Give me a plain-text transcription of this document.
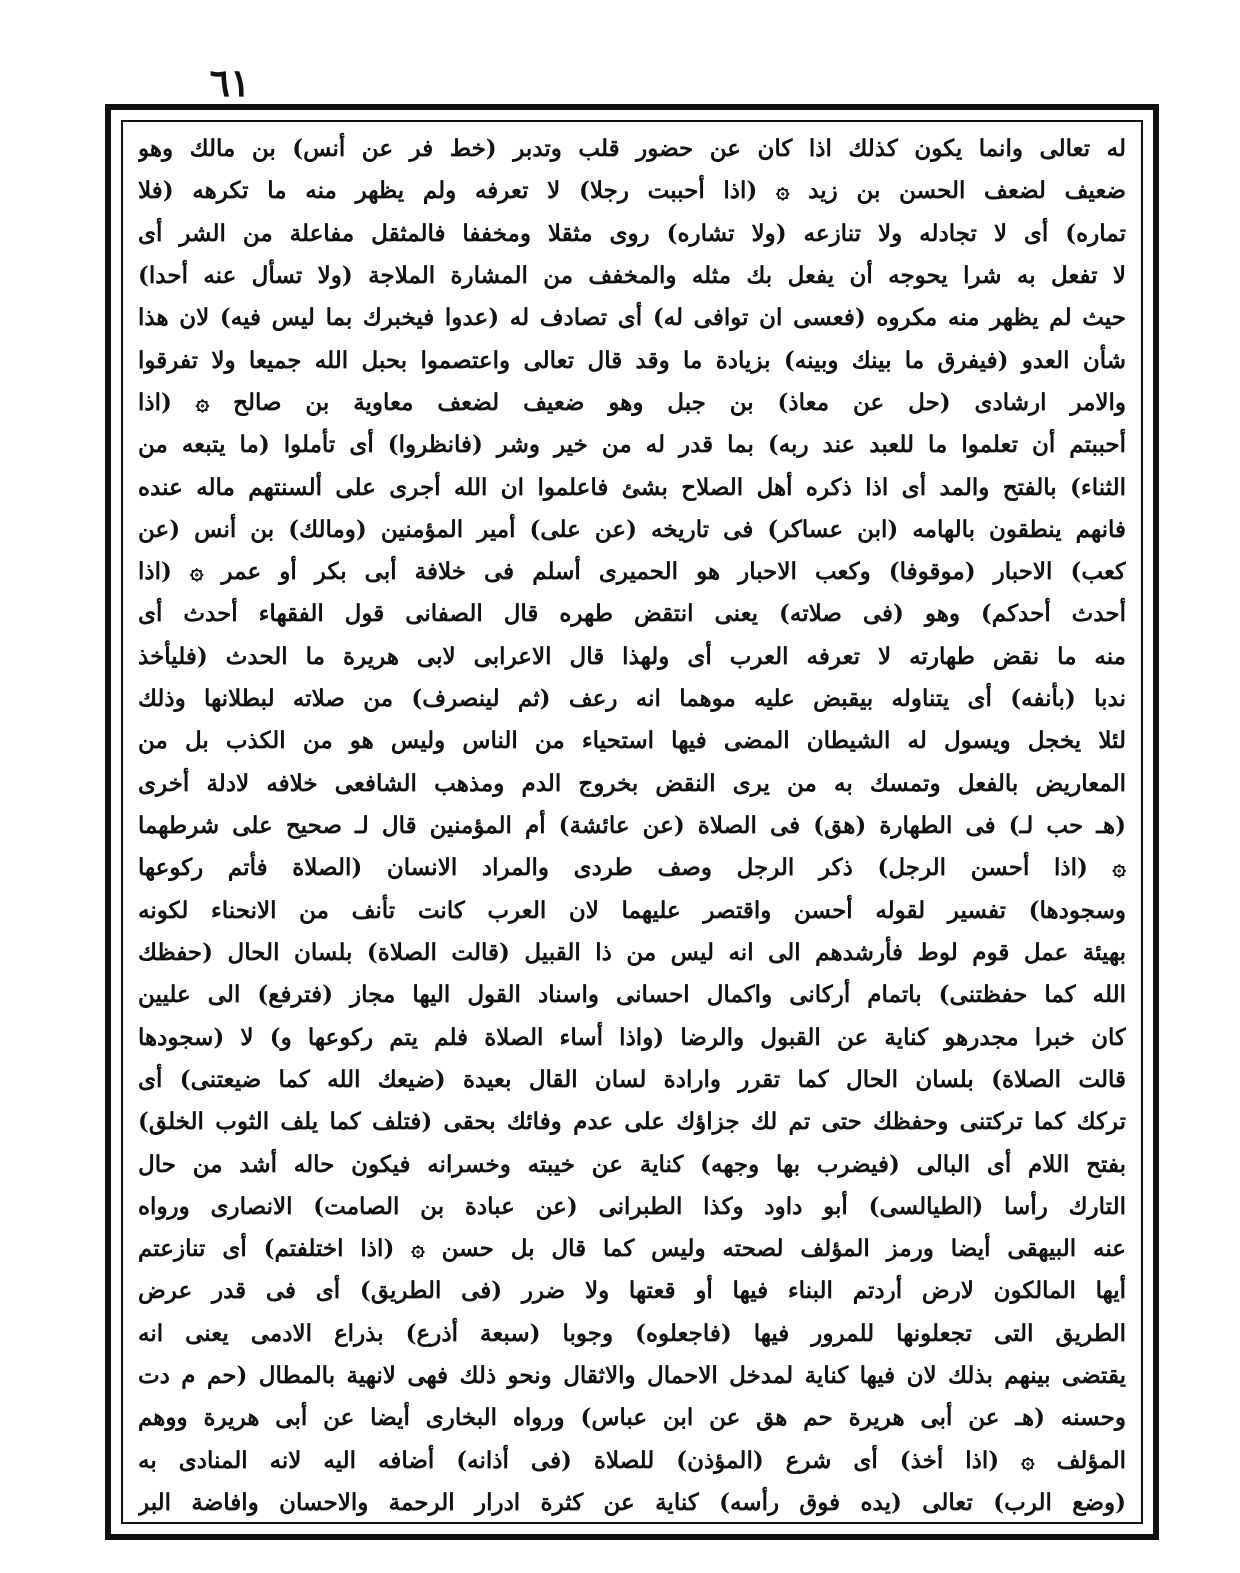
٦١
له تعالى وانما يكون كذلك اذا كان عن حضور قلب وتدبر (خط فر عن أنس) بن مالك وهو
ضعيف لضعف الحسن بن زيد ۞ (اذا أحببت رجلا) لا تعرفه ولم يظهر منه ما تكرهه (فلا
تماره) أى لا تجادله ولا تنازعه (ولا تشاره) روى مثقلا ومخففا فالمثقل مفاعلة من الشر أى
لا تفعل به شرا يحوجه أن يفعل بك مثله والمخفف من المشارة الملاجة (ولا تسأل عنه أحدا)
حيث لم يظهر منه مكروه (فعسى ان توافى له) أى تصادف له (عدوا فيخبرك بما ليس فيه) لان هذا
شأن العدو (فيفرق ما بينك وبينه) بزيادة ما وقد قال تعالى واعتصموا بحبل الله جميعا ولا تفرقوا
والامر ارشادى (حل عن معاذ) بن جبل وهو ضعيف لضعف معاوية بن صالح ۞ (اذا
أحببتم أن تعلموا ما للعبد عند ربه) بما قدر له من خير وشر (فانظروا) أى تأملوا (ما يتبعه من
الثناء) بالفتح والمد أى اذا ذكره أهل الصلاح بشئ فاعلموا ان الله أجرى على ألسنتهم ماله عنده
فانهم ينطقون بالهامه (ابن عساكر) فى تاريخه (عن على) أمير المؤمنين (ومالك) بن أنس (عن
كعب) الاحبار (موقوفا) وكعب الاحبار هو الحميرى أسلم فى خلافة أبى بكر أو عمر ۞ (اذا
أحدث أحدكم) وهو (فى صلاته) يعنى انتقض طهره قال الصفانى قول الفقهاء أحدث أى
منه ما نقض طهارته لا تعرفه العرب أى ولهذا قال الاعرابى لابى هريرة ما الحدث (فليأخذ
ندبا (بأنفه) أى يتناوله بيقبض عليه موهما انه رعف (ثم لينصرف) من صلاته لبطلانها وذلك
لئلا يخجل ويسول له الشيطان المضى فيها استحياء من الناس وليس هو من الكذب بل من
المعاريض بالفعل وتمسك به من يرى النقض بخروج الدم ومذهب الشافعى خلافه لادلة أخرى
(هـ حب لـ) فى الطهارة (هق) فى الصلاة (عن عائشة) أم المؤمنين قال لـ صحيح على شرطهما
۞ (اذا أحسن الرجل) ذكر الرجل وصف طردى والمراد الانسان (الصلاة فأتم ركوعها
وسجودها) تفسير لقوله أحسن واقتصر عليهما لان العرب كانت تأنف من الانحناء لكونه
بهيئة عمل قوم لوط فأرشدهم الى انه ليس من ذا القبيل (قالت الصلاة) بلسان الحال (حفظك
الله كما حفظتنى) باتمام أركانى واكمال احسانى واسناد القول اليها مجاز (فترفع) الى عليين
كان خبرا مجدرهو كناية عن القبول والرضا (واذا أساء الصلاة فلم يتم ركوعها و) لا (سجودها
قالت الصلاة) بلسان الحال كما تقرر وارادة لسان القال بعيدة (ضيعك الله كما ضيعتنى) أى
تركك كما تركتنى وحفظك حتى تم لك جزاؤك على عدم وفائك بحقى (فتلف كما يلف الثوب الخلق)
بفتح اللام أى البالى (فيضرب بها وجهه) كناية عن خيبته وخسرانه فيكون حاله أشد من حال
التارك رأسا (الطيالسى) أبو داود وكذا الطبرانى (عن عبادة بن الصامت) الانصارى ورواه
عنه البيهقى أيضا ورمز المؤلف لصحته وليس كما قال بل حسن ۞ (اذا اختلفتم) أى تنازعتم
أيها المالكون لارض أردتم البناء فيها أو قعتها ولا ضرر (فى الطريق) أى فى قدر عرض
الطريق التى تجعلونها للمرور فيها (فاجعلوه) وجوبا (سبعة أذرع) بذراع الادمى يعنى انه
يقتضى بينهم بذلك لان فيها كناية لمدخل الاحمال والاثقال ونحو ذلك فهى لانهية بالمطال (حم م دت
وحسنه (هـ عن أبى هريرة حم هق عن ابن عباس) ورواه البخارى أيضا عن أبى هريرة ووهم
المؤلف ۞ (اذا أخذ) أى شرع (المؤذن) للصلاة (فى أذانه) أضافه اليه لانه المنادى به
(وضع الرب) تعالى (يده فوق رأسه) كناية عن كثرة ادرار الرحمة والاحسان وافاضة البر
